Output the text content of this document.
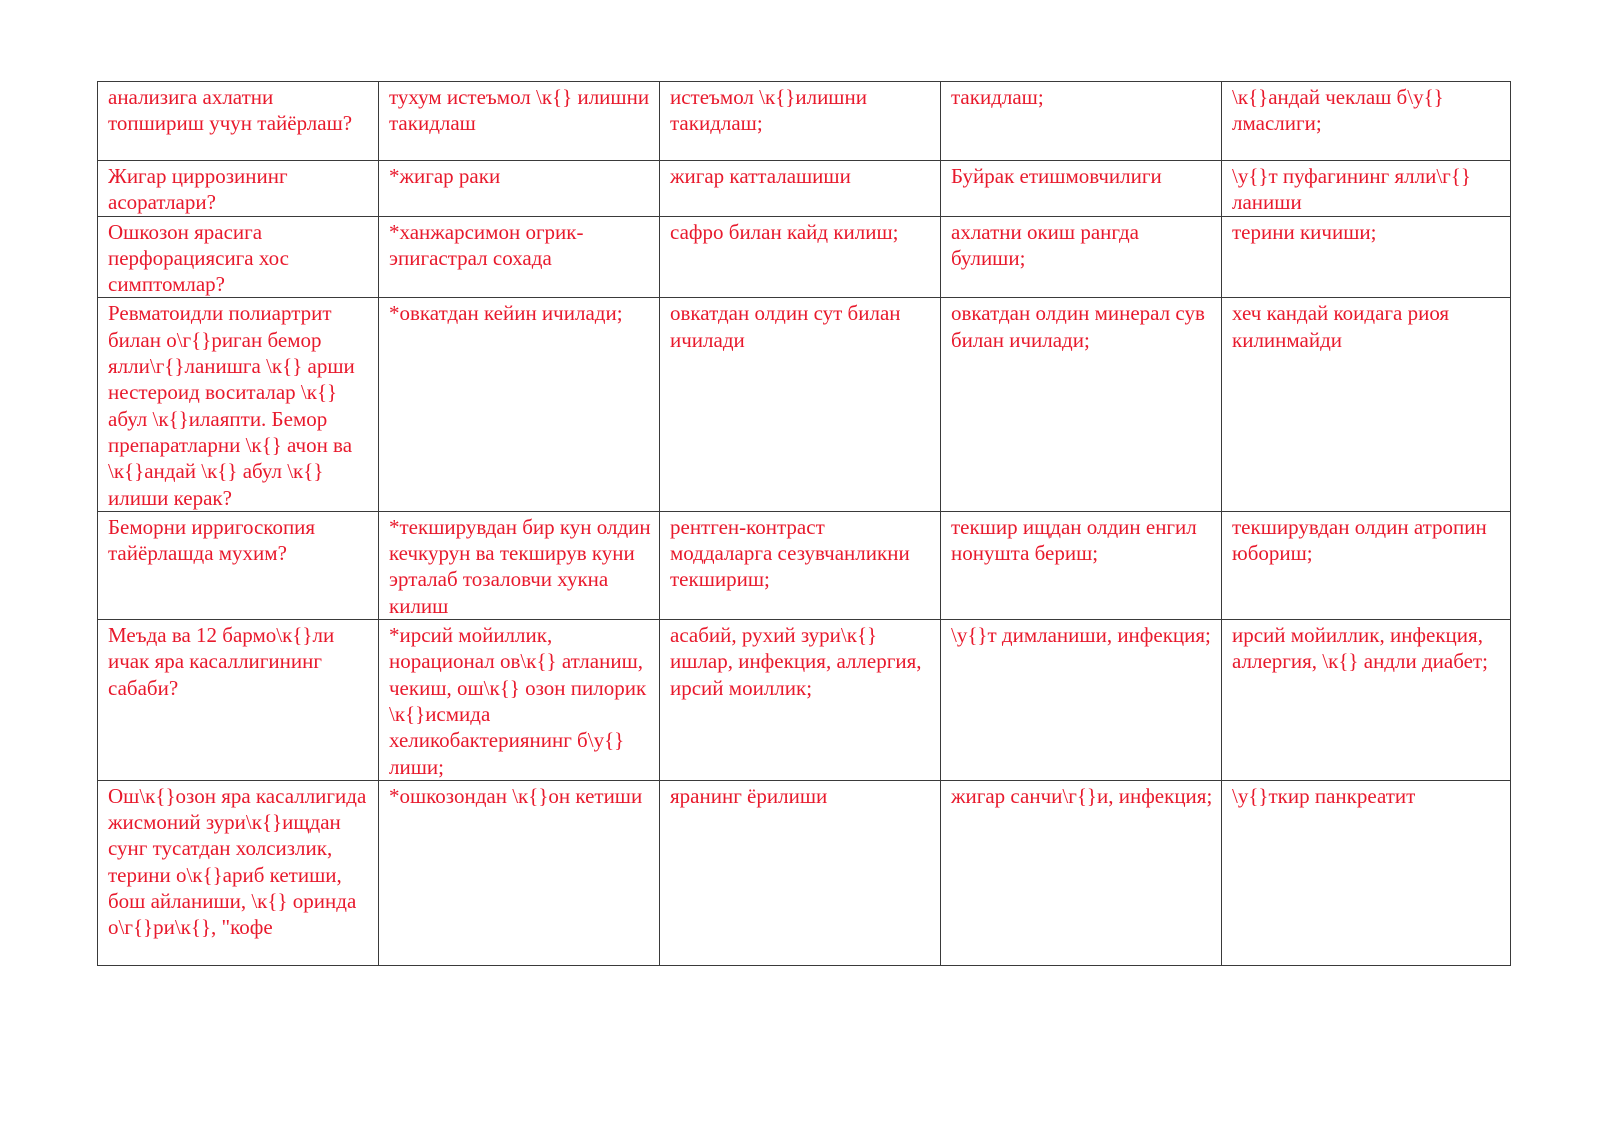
анализига ахлатни топшириш учун тайёрлаш?	тухум истеъмол \к{} илишни такидлаш	истеъмол \к{}илишни такидлаш;	такидлаш;	\к{}андай чеклаш б\у{} лмаслиги;

Жигар циррозининг асоратлари?	*жигар раки	жигар катталашиши	Буйрак етишмовчилиги	\у{}т пуфагининг ялли\г{} ланиши

Ошкозон ярасига перфорациясига хос симптомлар?	*ханжарсимон огрик- эпигастрал сохада	сафро билан кайд килиш;	ахлатни окиш рангда булиши;	терини кичиши;

Ревматоидли полиартрит билан о\г{}риган бемор ялли\г{}ланишга \к{} арши нестероид воситалар \к{}абул \к{}илаяпти. Бемор препаратларни \к{} ачон ва \к{}андай \к{} абул \к{}илиши керак?	*овкатдан кейин ичилади;	овкатдан олдин сут билан ичилади	овкатдан олдин минерал сув билан ичилади;	хеч кандай коидага риоя килинмайди

Беморни ирригоскопия тайёрлашда мухим?	*текширувдан бир кун олдин кечкурун ва текширув куни эрталаб тозаловчи хукна килиш	рентген-контраст моддаларга сезувчанликни текшириш;	текшир ищдан олдин енгил нонушта бериш;	текширувдан олдин атропин юбориш;

Меъда ва 12 бармо\к{}ли ичак яра касаллигининг сабаби?	*ирсий мойиллик, норационал ов\к{} атланиш, чекиш, ош\к{} озон пилорик \к{}исмида хеликобактериянинг б\у{} лиши;	асабий, рухий зури\к{} ишлар, инфекция, аллергия, ирсий моиллик;	\у{}т димланиши, инфекция;	ирсий мойиллик, инфекция, аллергия, \к{} андли диабет;

Ош\к{}озон яра касаллигида жисмоний зури\к{}ищдан сунг тусатдан холсизлик, терини о\к{}ариб кетиши, бош айланиши, \к{} оринда о\г{}ри\к{}, "кофе	*ошкозондан \к{}он кетиши	яранинг ёрилиши	жигар санчи\г{}и, инфекция;	\у{}ткир панкреатит
